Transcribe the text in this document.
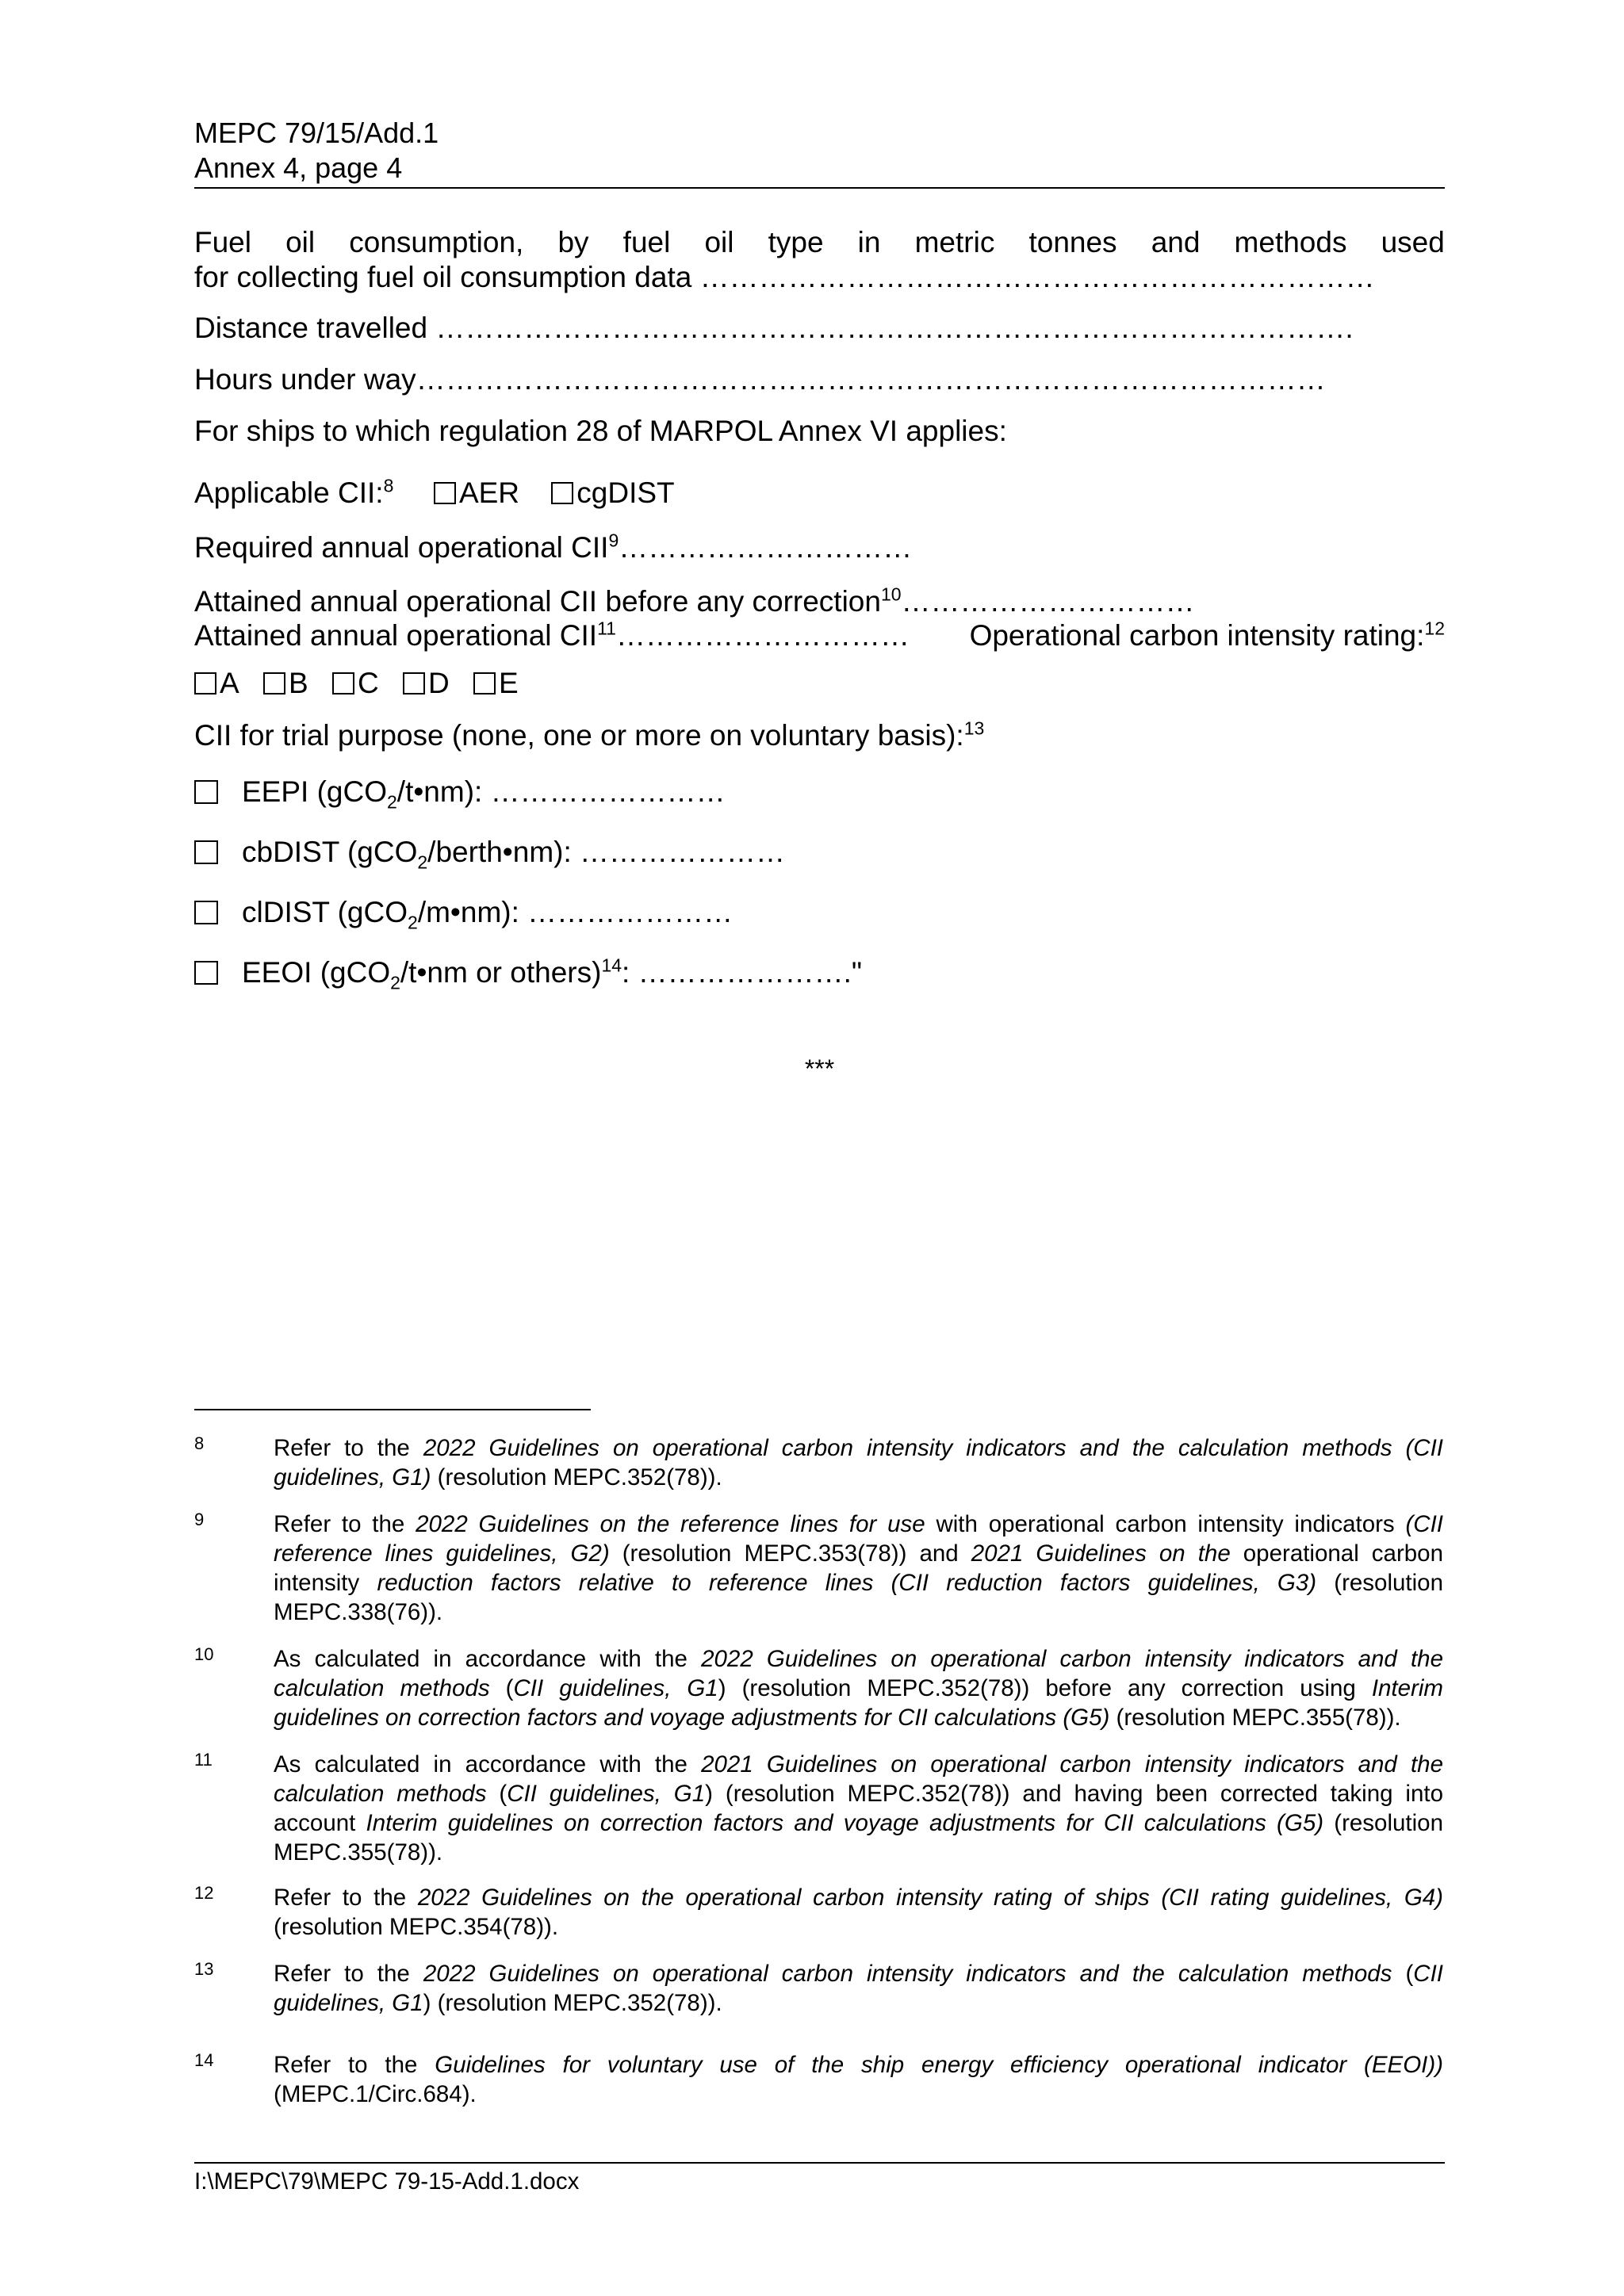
MEPC 79/15/Add.1
Annex 4, page 4
Fuel oil consumption, by fuel oil type in metric tonnes and methods used
for collecting fuel oil consumption data ……………………………………………………………
Distance travelled ………………………………………………………………………………….
Hours under way…………………………………………………………………………………
For ships to which regulation 28 of MARPOL Annex VI applies:
Applicable CII:$^8$ AER cgDIST
Required annual operational CII$^9$…………………………
Attained annual operational CII before any correction$^{10}$…………………………
Attained annual operational CII$^{11}$………………………… Operational carbon intensity rating:$^{12}$
A B C D E
CII for trial purpose (none, one or more on voluntary basis):$^{13}$
EEPI (gCO$_2$/t•nm): ……………………
cbDIST (gCO$_2$/berth•nm): …………………
clDIST (gCO$_2$/m•nm): …………………
EEOI (gCO$_2$/t•nm or others)$^{14}$: …………………."
***
8	Refer to the 2022 Guidelines on operational carbon intensity indicators and the calculation methods (CII guidelines, G1) (resolution MEPC.352(78)).
9	Refer to the 2022 Guidelines on the reference lines for use with operational carbon intensity indicators (CII reference lines guidelines, G2) (resolution MEPC.353(78)) and 2021 Guidelines on the operational carbon intensity reduction factors relative to reference lines (CII reduction factors guidelines, G3) (resolution MEPC.338(76)).
10	As calculated in accordance with the 2022 Guidelines on operational carbon intensity indicators and the calculation methods (CII guidelines, G1) (resolution MEPC.352(78)) before any correction using Interim guidelines on correction factors and voyage adjustments for CII calculations (G5) (resolution MEPC.355(78)).
11	As calculated in accordance with the 2021 Guidelines on operational carbon intensity indicators and the calculation methods (CII guidelines, G1) (resolution MEPC.352(78)) and having been corrected taking into account Interim guidelines on correction factors and voyage adjustments for CII calculations (G5) (resolution MEPC.355(78)).
12	Refer to the 2022 Guidelines on the operational carbon intensity rating of ships (CII rating guidelines, G4) (resolution MEPC.354(78)).
13	Refer to the 2022 Guidelines on operational carbon intensity indicators and the calculation methods (CII guidelines, G1) (resolution MEPC.352(78)).
14	Refer to the Guidelines for voluntary use of the ship energy efficiency operational indicator (EEOI)) (MEPC.1/Circ.684).
I:\MEPC\79\MEPC 79-15-Add.1.docx
